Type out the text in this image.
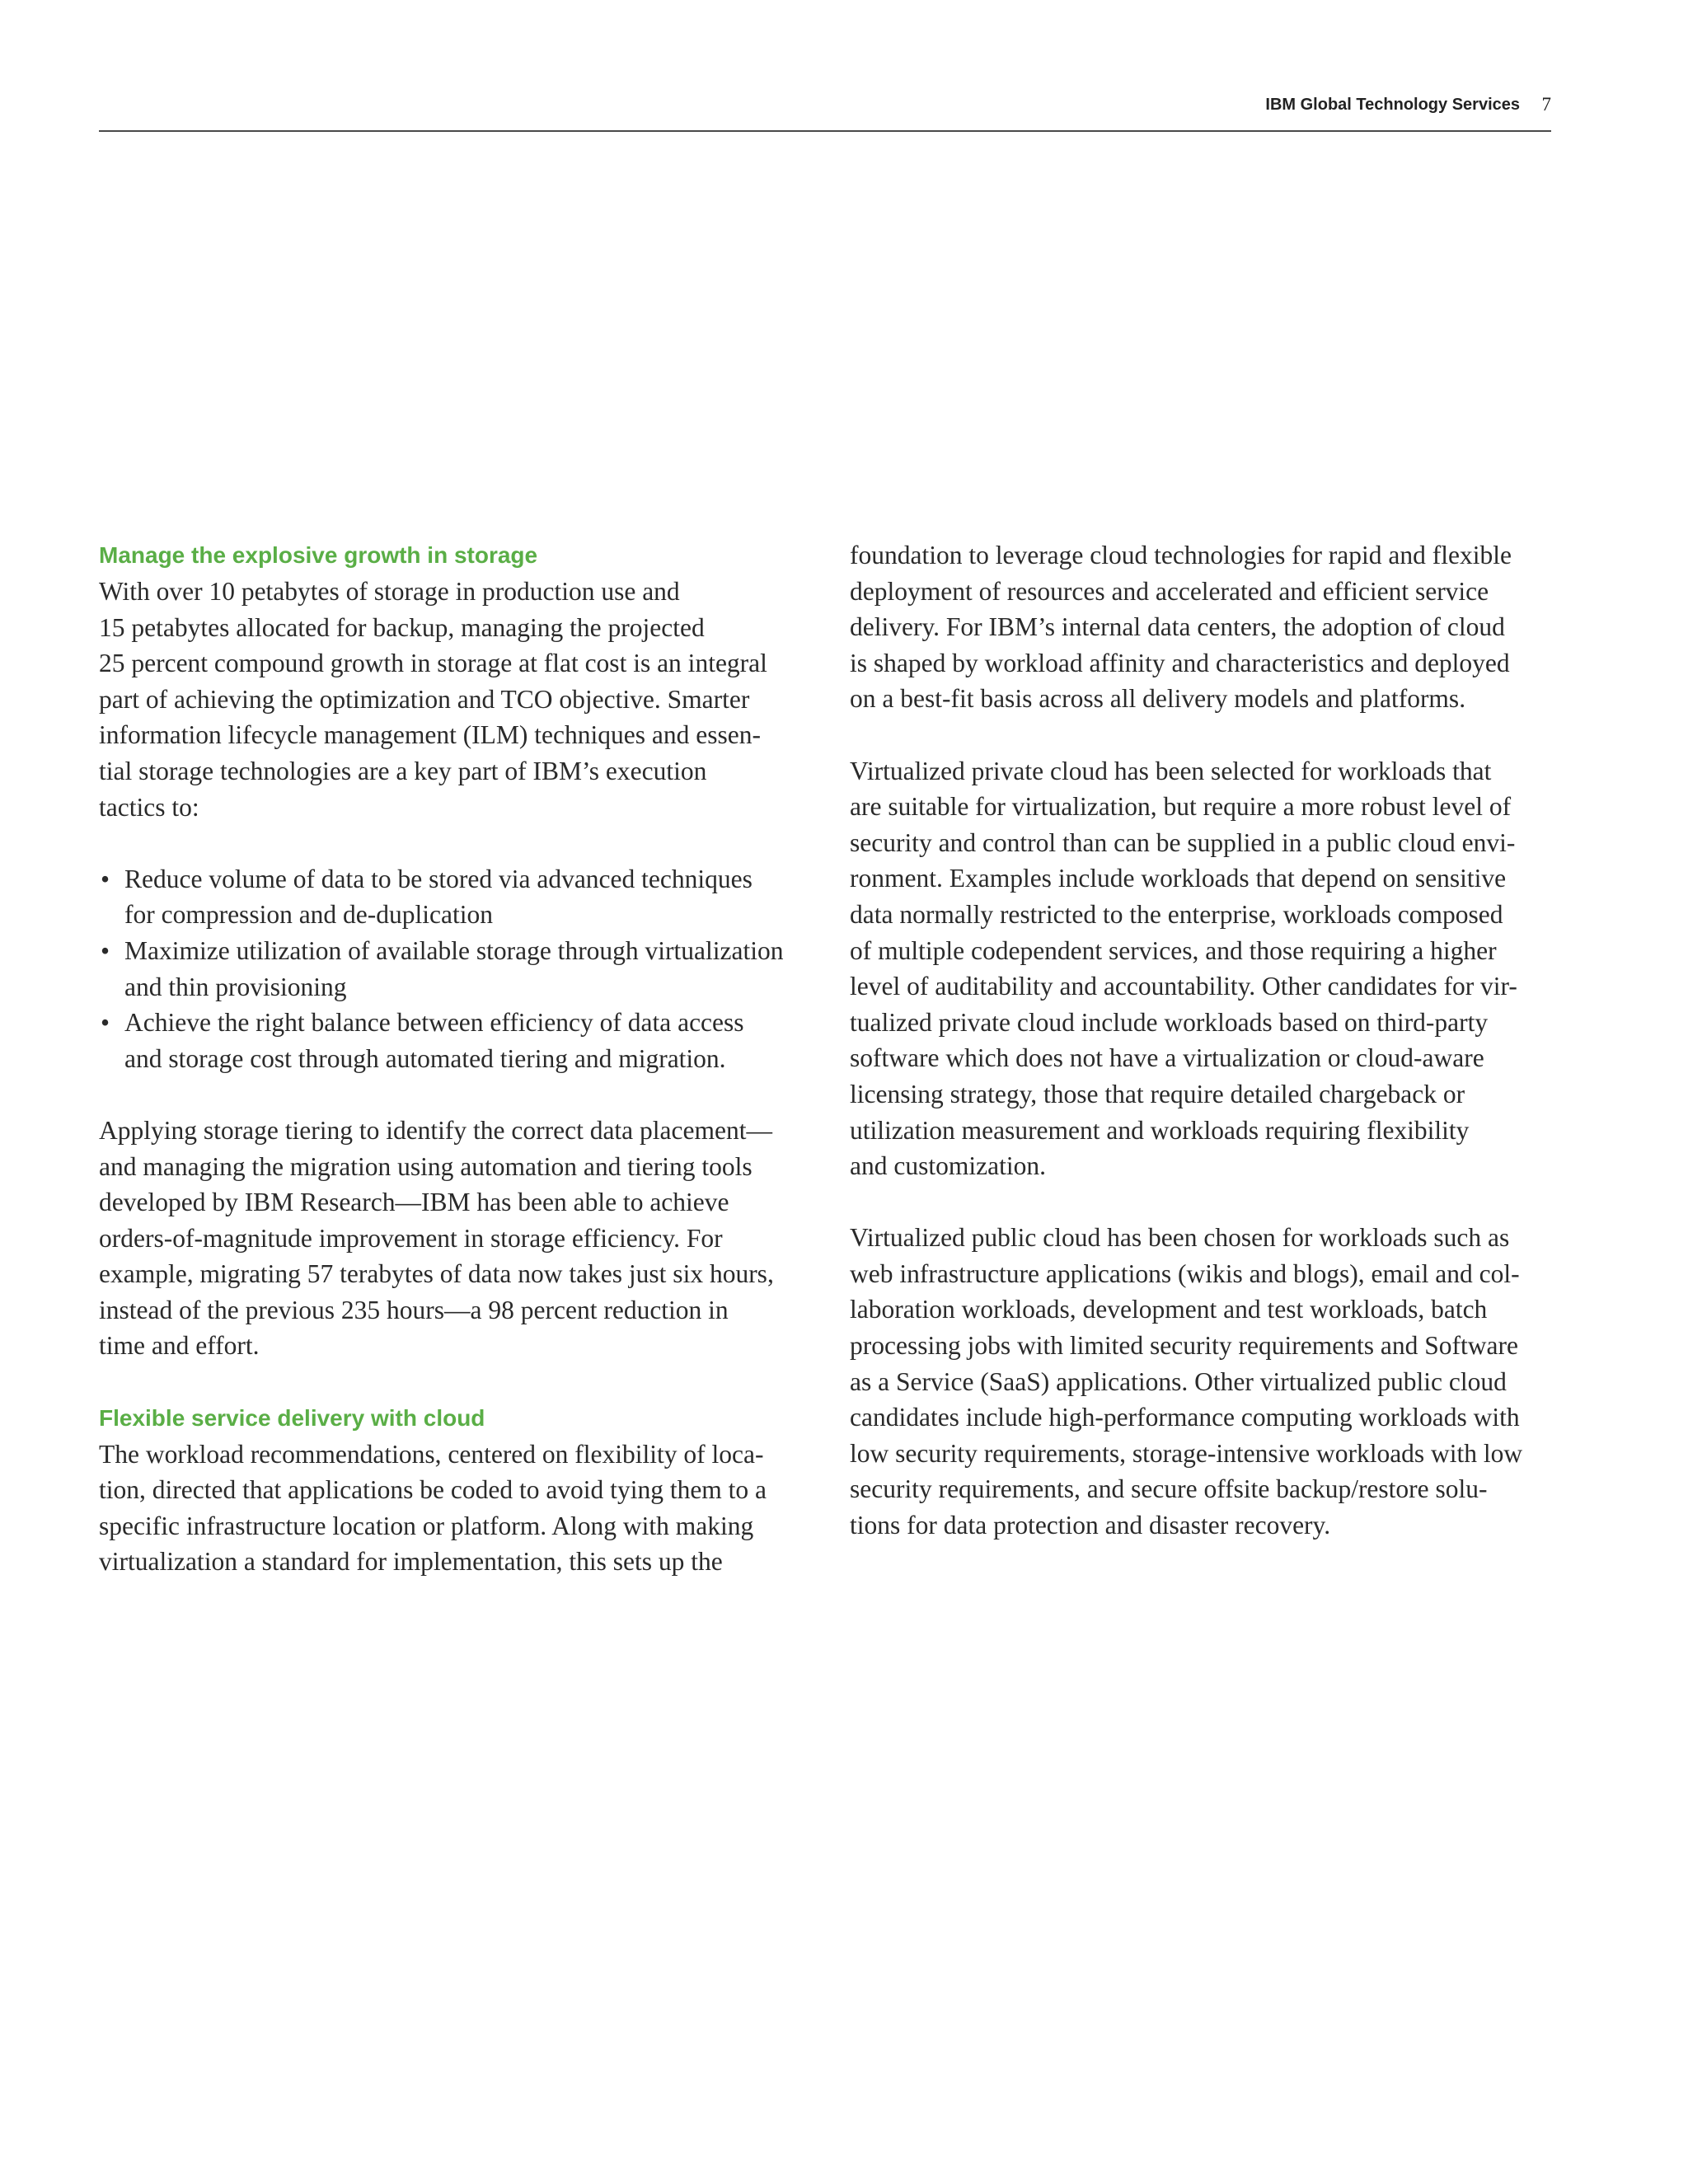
IBM Global Technology Services 7
Manage the explosive growth in storage
With over 10 petabytes of storage in production use and
15 petabytes allocated for backup, managing the projected
25 percent compound growth in storage at flat cost is an integral
part of achieving the optimization and TCO objective. Smarter
information lifecycle management (ILM) techniques and essen-
tial storage technologies are a key part of IBM’s execution
tactics to:
• Reduce volume of data to be stored via advanced techniques
for compression and de-duplication
• Maximize utilization of available storage through virtualization
and thin provisioning
• Achieve the right balance between efficiency of data access
and storage cost through automated tiering and migration.
Applying storage tiering to identify the correct data placement—
and managing the migration using automation and tiering tools
developed by IBM Research—IBM has been able to achieve
orders-of-magnitude improvement in storage efficiency. For
example, migrating 57 terabytes of data now takes just six hours,
instead of the previous 235 hours—a 98 percent reduction in
time and effort.
Flexible service delivery with cloud
The workload recommendations, centered on flexibility of loca-
tion, directed that applications be coded to avoid tying them to a
specific infrastructure location or platform. Along with making
virtualization a standard for implementation, this sets up the
foundation to leverage cloud technologies for rapid and flexible
deployment of resources and accelerated and efficient service
delivery. For IBM’s internal data centers, the adoption of cloud
is shaped by workload affinity and characteristics and deployed
on a best-fit basis across all delivery models and platforms.
Virtualized private cloud has been selected for workloads that
are suitable for virtualization, but require a more robust level of
security and control than can be supplied in a public cloud envi-
ronment. Examples include workloads that depend on sensitive
data normally restricted to the enterprise, workloads composed
of multiple codependent services, and those requiring a higher
level of auditability and accountability. Other candidates for vir-
tualized private cloud include workloads based on third-party
software which does not have a virtualization or cloud-aware
licensing strategy, those that require detailed chargeback or
utilization measurement and workloads requiring flexibility
and customization.
Virtualized public cloud has been chosen for workloads such as
web infrastructure applications (wikis and blogs), email and col-
laboration workloads, development and test workloads, batch
processing jobs with limited security requirements and Software
as a Service (SaaS) applications. Other virtualized public cloud
candidates include high-performance computing workloads with
low security requirements, storage-intensive workloads with low
security requirements, and secure offsite backup/restore solu-
tions for data protection and disaster recovery.
